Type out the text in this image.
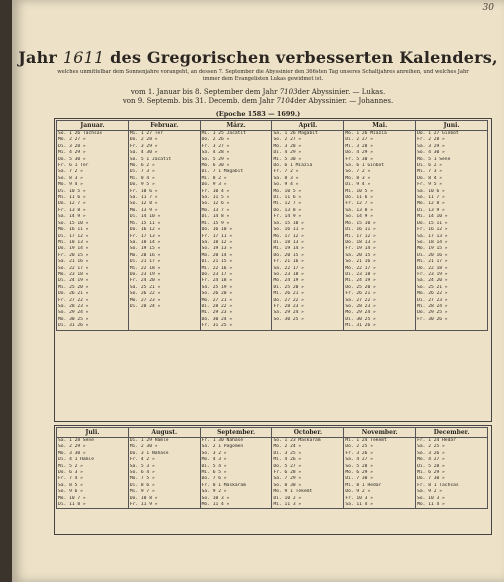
30
Jahr 1611 des Gregorischen verbesserten Kalenders,
welches unmittelbar dem Sonnenjahre vorangeht, an dessen 7. September die Abyssinier den 366sten Tag unseres Schaltjahres anreihen, und welches Jahr immer dem Evangelisten Lukas gewidmet ist.
vom 1. Januar bis 8. September dem Jahr 7103der Abyssinier. — Lukas.
von 9. Septemb. bis 31. Decemb. dem Jahr 7104der Abyssinier. — Johannes.
(Epoche 1583 — 1699.)
Januar.	Februar.	März.	April.	Mai.	Juni.
So. 1 26 Tachsas	Mi. 1 27 Ter	Mi. 1 25 Jacatit	Sa. 1 26 Magabit	Mo. 1 26 Miazia	Do. 1 27 Ginbot
Mo. 2 27 »	Do. 2 28 »	Do. 2 26 »	So. 2 27 »	Di. 2 27 »	Fr. 2 28 »
Di. 3 28 »	Fr. 3 29 »	Fr. 3 27 »	Mo. 3 28 »	Mi. 3 28 »	Sa. 3 29 »
Mi. 4 29 »	Sa. 4 30 »	Sa. 4 28 »	Di. 4 29 »	Do. 4 29 »	So. 4 30 »
Do. 5 30 »	So. 5 1 Jacatit	So. 5 29 »	Mi. 5 30 »	Fr. 5 30 »	Mo. 5 1 Sene
Fr. 6 1 Ter	Mo. 6 2 »	Mo. 6 30 »	Do. 6 1 Miazia	Sa. 6 1 Ginbot	Di. 6 2 »
Sa. 7 2 »	Di. 7 3 »	Di. 7 1 Magabit	Fr. 7 2 »	So. 7 2 »	Mi. 7 3 »
So. 8 3 »	Mi. 8 4 »	Mi. 8 2 »	Sa. 8 3 »	Mo. 8 3 »	Do. 8 4 »
Mo. 9 4 »	Do. 9 5 »	Do. 9 3 »	So. 9 4 »	Di. 9 4 »	Fr. 9 5 »
Di. 10 5 »	Fr. 10 6 »	Fr. 10 4 »	Mo. 10 5 »	Mi. 10 5 »	Sa. 10 6 »
Mi. 11 6 »	Sa. 11 7 »	Sa. 11 5 »	Di. 11 6 »	Do. 11 6 »	So. 11 7 »
Do. 12 7 »	So. 12 8 »	So. 12 6 »	Mi. 12 7 »	Fr. 12 7 »	Mo. 12 8 »
Fr. 13 8 »	Mo. 13 9 »	Mo. 13 7 »	Do. 13 8 »	Sa. 13 8 »	Di. 13 9 »
Sa. 14 9 »	Di. 14 10 »	Di. 14 8 »	Fr. 14 9 »	So. 14 9 »	Mi. 14 10 »
So. 15 10 »	Mi. 15 11 »	Mi. 15 9 »	Sa. 15 10 »	Mo. 15 10 »	Do. 15 11 »
Mo. 16 11 »	Do. 16 12 »	Do. 16 10 »	So. 16 11 »	Di. 16 11 »	Fr. 16 12 »
Di. 17 12 »	Fr. 17 13 »	Fr. 17 11 »	Mo. 17 12 »	Mi. 17 12 »	Sa. 17 13 »
Mi. 18 13 »	Sa. 18 14 »	Sa. 18 12 »	Di. 18 13 »	Do. 18 13 »	So. 18 14 »
Do. 19 14 »	So. 19 15 »	So. 19 13 »	Mi. 19 14 »	Fr. 19 14 »	Mo. 19 15 »
Fr. 20 15 »	Mo. 20 16 »	Mo. 20 14 »	Do. 20 15 »	Sa. 20 15 »	Di. 20 16 »
Sa. 21 16 »	Di. 21 17 »	Di. 21 15 »	Fr. 21 16 »	So. 21 16 »	Mi. 21 17 »
So. 22 17 »	Mi. 22 18 »	Mi. 22 16 »	Sa. 22 17 »	Mo. 22 17 »	Do. 22 18 »
Mo. 23 18 »	Do. 23 19 »	Do. 23 17 »	So. 23 18 »	Di. 23 18 »	Fr. 23 19 »
Di. 24 19 »	Fr. 24 20 »	Fr. 24 18 »	Mo. 24 19 »	Mi. 24 19 »	Sa. 24 20 »
Mi. 25 20 »	Sa. 25 21 »	Sa. 25 19 »	Di. 25 20 »	Do. 25 20 »	So. 25 21 »
Do. 26 21 »	So. 26 22 »	So. 26 20 »	Mi. 26 21 »	Fr. 26 21 »	Mo. 26 22 »
Fr. 27 22 »	Mo. 27 23 »	Mo. 27 21 »	Do. 27 22 »	Sa. 27 22 »	Di. 27 23 »
Sa. 28 23 »	Di. 28 24 »	Di. 28 22 »	Fr. 28 23 »	So. 28 23 »	Mi. 28 24 »
So. 29 24 »		Mi. 29 23 »	Sa. 29 24 »	Mo. 29 24 »	Do. 29 25 »
Mo. 30 25 »		Do. 30 24 »	So. 30 25 »	Di. 30 25 »	Fr. 30 26 »
Di. 31 26 »		Fr. 31 25 »		Mi. 31 26 »	
Juli.	August.	September.	October.	November.	December.
Sa. 1 28 Sene	Di. 1 29 Hamle	Fr. 1 30 Nahase	So. 1 23 Maskaram	Mi. 1 24 Tekemt	Fr. 1 24 Hedar
So. 2 29 »	Mi. 2 30 »	Sa. 2 1 Pagomen	Mo. 2 24 »	Do. 2 25 »	Sa. 2 25 »
Mo. 3 30 »	Do. 3 1 Nahase	So. 3 2 »	Di. 3 25 »	Fr. 3 26 »	So. 3 26 »
Di. 4 1 Hamle	Fr. 4 2 »	Mo. 4 3 »	Mi. 4 26 »	Sa. 4 27 »	Mo. 4 27 »
Mi. 5 2 »	Sa. 5 3 »	Di. 5 4 »	Do. 5 27 »	So. 5 28 »	Di. 5 28 »
Do. 6 3 »	So. 6 4 »	Mi. 6 5 »	Fr. 6 28 »	Mo. 6 29 »	Mi. 6 29 »
Fr. 7 4 »	Mo. 7 5 »	Do. 7 6 »	Sa. 7 29 »	Di. 7 30 »	Do. 7 30 »
Sa. 8 5 »	Di. 8 6 »	Fr. 8 1 Maskaram	So. 8 30 »	Mi. 8 1 Hedar	Fr. 8 1 Tachsas
So. 9 6 »	Mi. 9 7 »	Sa. 9 2 »	Mo. 9 1 Tekemt	Do. 9 2 »	Sa. 9 2 »
Mo. 10 7 »	Do. 10 8 »	So. 10 3 »	Di. 10 2 »	Fr. 10 3 »	So. 10 3 »
Di. 11 8 »	Fr. 11 9 »	Mo. 11 4 »	Mi. 11 3 »	Sa. 11 4 »	Mo. 11 4 »
